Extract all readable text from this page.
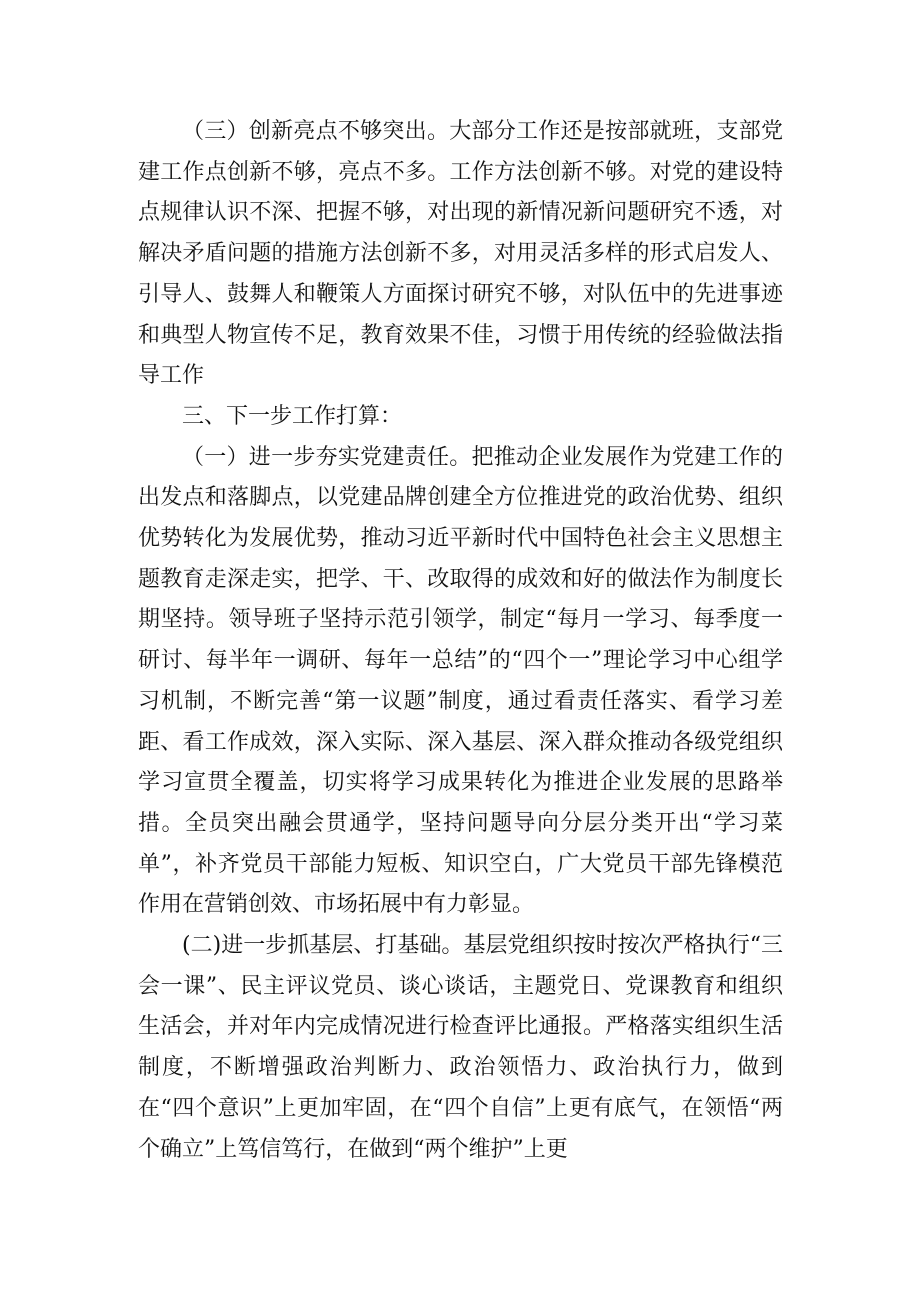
（三）创新亮点不够突出。大部分工作还是按部就班，支部党建工作点创新不够，亮点不多。工作方法创新不够。对党的建设特点规律认识不深、把握不够，对出现的新情况新问题研究不透，对解决矛盾问题的措施方法创新不多，对用灵活多样的形式启发人、引导人、鼓舞人和鞭策人方面探讨研究不够，对队伍中的先进事迹和典型人物宣传不足，教育效果不佳，习惯于用传统的经验做法指导工作

三、下一步工作打算：

（一）进一步夯实党建责任。把推动企业发展作为党建工作的出发点和落脚点，以党建品牌创建全方位推进党的政治优势、组织优势转化为发展优势，推动习近平新时代中国特色社会主义思想主题教育走深走实，把学、干、改取得的成效和好的做法作为制度长期坚持。领导班子坚持示范引领学，制定“每月一学习、每季度一研讨、每半年一调研、每年一总结”的“四个一”理论学习中心组学习机制，不断完善“第一议题”制度，通过看责任落实、看学习差距、看工作成效，深入实际、深入基层、深入群众推动各级党组织学习宣贯全覆盖，切实将学习成果转化为推进企业发展的思路举措。全员突出融会贯通学，坚持问题导向分层分类开出“学习菜单”，补齐党员干部能力短板、知识空白，广大党员干部先锋模范作用在营销创效、市场拓展中有力彰显。

(二)进一步抓基层、打基础。基层党组织按时按次严格执行“三会一课”、民主评议党员、谈心谈话，主题党日、党课教育和组织生活会，并对年内完成情况进行检查评比通报。严格落实组织生活制度，不断增强政治判断力、政治领悟力、政治执行力，做到在“四个意识”上更加牢固，在“四个自信”上更有底气，在领悟“两个确立”上笃信笃行，在做到“两个维护”上更
